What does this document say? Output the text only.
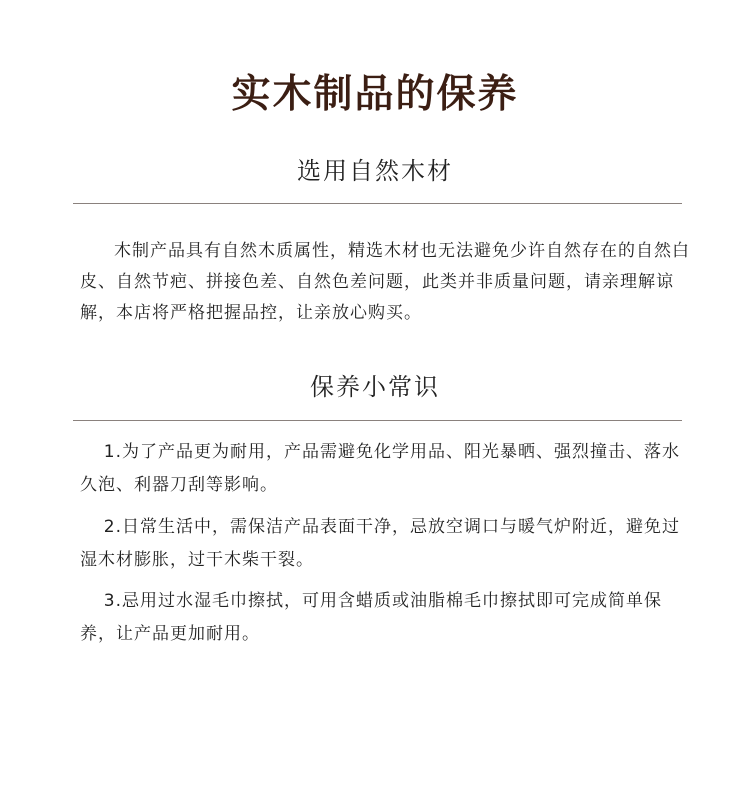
实木制品的保养
选用自然木材

木制产品具有自然木质属性，精选木材也无法避免少许自然存在的自然白皮、自然节疤、拼接色差、自然色差问题，此类并非质量问题，请亲理解谅解，本店将严格把握品控，让亲放心购买。

保养小常识

1.为了产品更为耐用，产品需避免化学用品、阳光暴晒、强烈撞击、落水久泡、利器刀刮等影响。

2.日常生活中，需保洁产品表面干净，忌放空调口与暖气炉附近，避免过湿木材膨胀，过干木柴干裂。

3.忌用过水湿毛巾擦拭，可用含蜡质或油脂棉毛巾擦拭即可完成简单保养，让产品更加耐用。
